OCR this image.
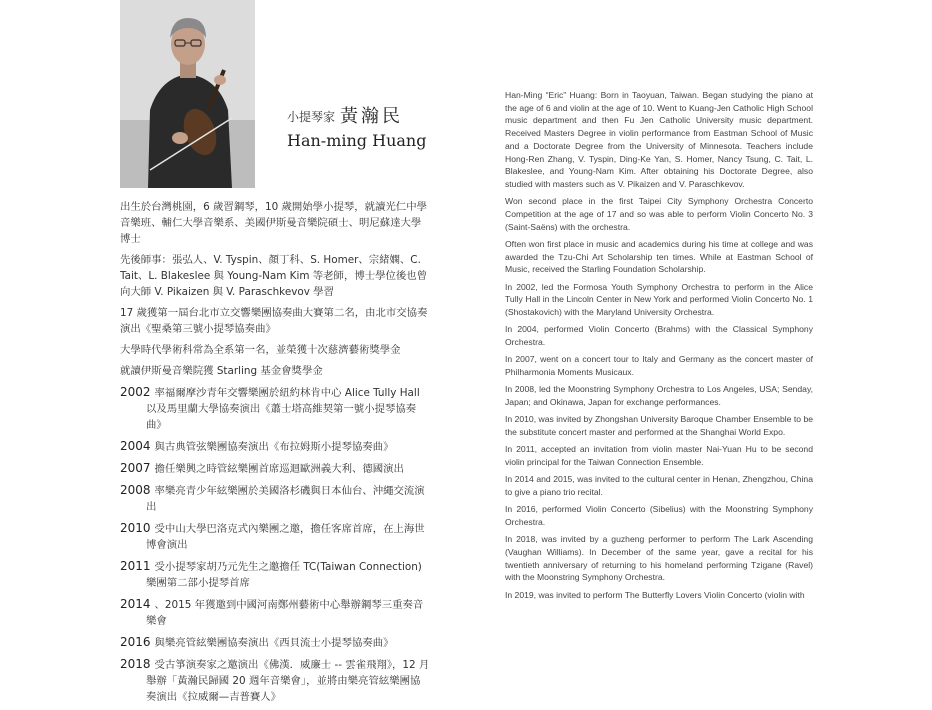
小提琴家 黃瀚民
Han-ming Huang

出生於台灣桃園，6 歲習鋼琴，10 歲開始學小提琴，就讀光仁中學音樂班、輔仁大學音樂系、美國伊斯曼音樂院碩士、明尼蘇達大學博士

先後師事：張弘人、V. Tyspin、顏丁科、S. Homer、宗緒嫻、C. Tait、L. Blakeslee 與 Young-Nam Kim 等老師，博士學位後也曾向大師 V. Pikaizen 與 V. Paraschkevov 學習

17 歲獲第一屆台北市立交響樂團協奏曲大賽第二名，由北市交協奏演出《聖桑第三號小提琴協奏曲》

大學時代學術科常為全系第一名，並榮獲十次慈濟藝術獎學金

就讀伊斯曼音樂院獲 Starling 基金會獎學金

2002 率福爾摩沙青年交響樂團於紐約林肯中心 Alice Tully Hall 以及馬里蘭大學協奏演出《蕭士塔高維契第一號小提琴協奏曲》

2004 與古典管弦樂團協奏演出《布拉姆斯小提琴協奏曲》

2007 擔任樂興之時管絃樂團首席巡迴歐洲義大利、德國演出

2008 率樂亮青少年絃樂團於美國洛杉磯與日本仙台、沖繩交流演出

2010 受中山大學巴洛克式內樂團之邀，擔任客席首席，在上海世博會演出

2011 受小提琴家胡乃元先生之邀擔任 TC(Taiwan Connection) 樂團第二部小提琴首席

2014 、2015 年獲邀到中國河南鄭州藝術中心舉辦鋼琴三重奏音樂會

2016 與樂亮管絃樂團協奏演出《西貝流士小提琴協奏曲》

2018 受古箏演奏家之邀演出《佛漢．威廉士 -- 雲雀飛翔》，12 月舉辦「黃瀚民歸國 20 週年音樂會」，並將由樂亮管絃樂團協奏演出《拉威爾—吉普賽人》

Han-Ming “Eric” Huang: Born in Taoyuan, Taiwan. Began studying the piano at the age of 6 and violin at the age of 10. Went to Kuang-Jen Catholic High School music department and then Fu Jen Catholic University music department. Received Masters Degree in violin performance from Eastman School of Music and a Doctorate Degree from the University of Minnesota. Teachers include Hong-Ren Zhang, V. Tyspin, Ding-Ke Yan, S. Homer, Nancy Tsung, C. Tait, L. Blakeslee, and Young-Nam Kim. After obtaining his Doctorate Degree, also studied with masters such as V. Pikaizen and V. Paraschkevov.

Won second place in the first Taipei City Symphony Orchestra Concerto Competition at the age of 17 and so was able to perform Violin Concerto No. 3 (Saint-Saëns) with the orchestra.

Often won first place in music and academics during his time at college and was awarded the Tzu-Chi Art Scholarship ten times. While at Eastman School of Music, received the Starling Foundation Scholarship.

In 2002, led the Formosa Youth Symphony Orchestra to perform in the Alice Tully Hall in the Lincoln Center in New York and performed Violin Concerto No. 1 (Shostakovich) with the Maryland University Orchestra.

In 2004, performed Violin Concerto (Brahms) with the Classical Symphony Orchestra.

In 2007, went on a concert tour to Italy and Germany as the concert master of Philharmonia Moments Musicaux.

In 2008, led the Moonstring Symphony Orchestra to Los Angeles, USA; Senday, Japan; and Okinawa, Japan for exchange performances.

In 2010, was invited by Zhongshan University Baroque Chamber Ensemble to be the substitute concert master and performed at the Shanghai World Expo.

In 2011, accepted an invitation from violin master Nai-Yuan Hu to be second violin principal for the Taiwan Connection Ensemble.

In 2014 and 2015, was invited to the cultural center in Henan, Zhengzhou, China to give a piano trio recital.

In 2016, performed Violin Concerto (Sibelius) with the Moonstring Symphony Orchestra.

In 2018, was invited by a guzheng performer to perform The Lark Ascending (Vaughan Williams). In December of the same year, gave a recital for his twentieth anniversary of returning to his homeland performing Tzigane (Ravel) with the Moonstring Symphony Orchestra.

In 2019, was invited to perform The Butterfly Lovers Violin Concerto (violin with
